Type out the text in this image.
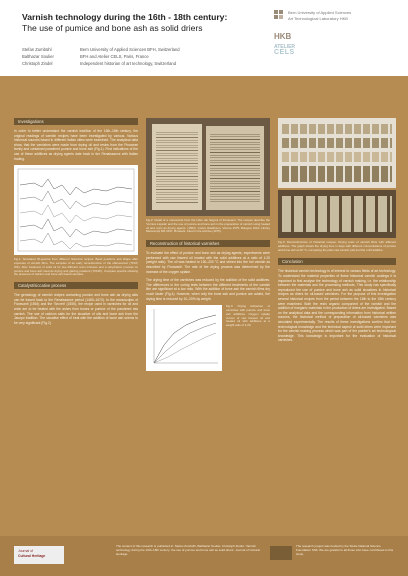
Varnish technology during the 16th - 18th century:
The use of pumice and bone ash as solid driers
Stefan Zumbühl	Bern University of Applied Sciences BFH, Switzerland
Balthazar Soulier	BFH and Atelier CELS, Paris, France
Christoph Zindel	Independent historian of art technology, Switzerland
Bern University of Applied Sciences
Art Technological Laboratory HKB
HKB
ATELIER
CELS
Investigations
In order to better understand the varnish tradition of the 16th–18th century, the original readings of varnish recipes have been investigated by various. Various historical sources based in different Italian cities were examined. The analytical data show, that the varnishes were made from drying oil and resins from the Pinaceae family and contained powdered pumice and bone ash (Fig.1). First indications of the use of these additives as drying agents date back to the Renaissance with Italian trading.
Fig.1: Simulated IR-spectra from different historical recipes. Band positions and shape after exposure of varnish films. The samples of an early reconstruction of the effervescent (TFFP, WK). After treatment of solid oil for two different resin mixtures and a rehydration process on pumice and bone ash used as drying and glazing powders (TXFFF). Compare spectra showing the presence of calcium and bone ash based samples.
Catalyst/siccative process
The genealogy of varnish recipes containing pumice and bone ash as drying aids can be traced back to the Renaissance period (1480–1670). In the manuscripts of Fioravanti (1564) and the 'Secreti' (1555), the recipe used in varnishes for oil and resin are to be heated with the ashes from bones or pumice of the powdered raw varnish. The use of calcium salts for the siccative of oils and bone ash from the Jacopo tradition. The siccative effect of heat with the addition of bone ash seems to be very significant (Fig.2).
Fig.2: Detail of a manuscript from the Libro dei Segreti of Fioravanti. The recipes describe the 'Vernice Liquida' and the use of pumice and bone ash in the preparation of varnish using heated oil and resin as drying agents. (1564). Codex Rawlinson, Vienna 1575; Bologna 1610; Library Manuscript MS 1537, Brussels. Cited in the archive (1975).
Reconstruction of historical varnishes
To evaluate the effect of pumice and bone ash as drying agents, experiments were performed with raw linseed oil heated with the solid additives at a ratio of 1:20 (weight ratio). The oil was heated to 150–200 °C and stirred into the hot varnish as described by Fioravanti. The rate of the drying process was determined by the increase of the oxygen uptake.
The drying time of the varnishes was reduced by the addition of the solid additives. The differences in the curing tests between the different treatments of the varnish film are significant at a low ratio. With the addition of bone ash the varnish films dry much faster (Fig.4). However, when only the bone ash and pumice are added, the drying time is reduced by 10–20% by weight.
Fig.4: Drying behaviour of varnishes with pumice and bone ash additives. Oxygen uptake curves of raw linseed oil and heated oil with additives at a weight ratio of 1:20.
Fig.3: Reconstructions of historical recipes. Drying tests of varnish films with different additives. The graph shows the drying time in days with different concentrations of pumice and bone ash at 20 °C, comparing the plain raw varnish (oil) and the 1:20 additive.
Conclusion
The historical varnish technology is of interest to various fields of art technology. To understand the material properties of these historical varnish coatings it is important to first analyse the technology of varnish making, i.e. the relationship between the materials and the processing methods. This study has specifically reproduced the use of pumice and bone ash as solid siccatives in historical recipes as driers for oil-based varnishes. For the purpose of this investigation several historical recipes from the period between the 16th to the 18th century were examined. Both the resin organic component of the varnish and the addition of inorganic materials in the production of driers are investigated. Based on the analytical data and the corresponding information from historical written sources, the historical method of preparation of oil-based varnishes was simulated experimentally. The results of these investigations confirm that the technological knowledge and the technical aspect of solid driers were important for the varnish making process which was part of the painter's art technological knowledge. This knowledge is important for the evaluation of historical varnishes.
Journal of
Cultural Heritage
The content of this research is published in: Stefan Zumbühl, Balthazar Soulier, Christoph Zindel. 'Varnish technology during the 16th–18th century: the use of pumice and bone ash as solid driers', Journal of Cultural Heritage.
The research project was funded by the Swiss National Science Foundation SNF. We are grateful to all those who have contributed to this study.
